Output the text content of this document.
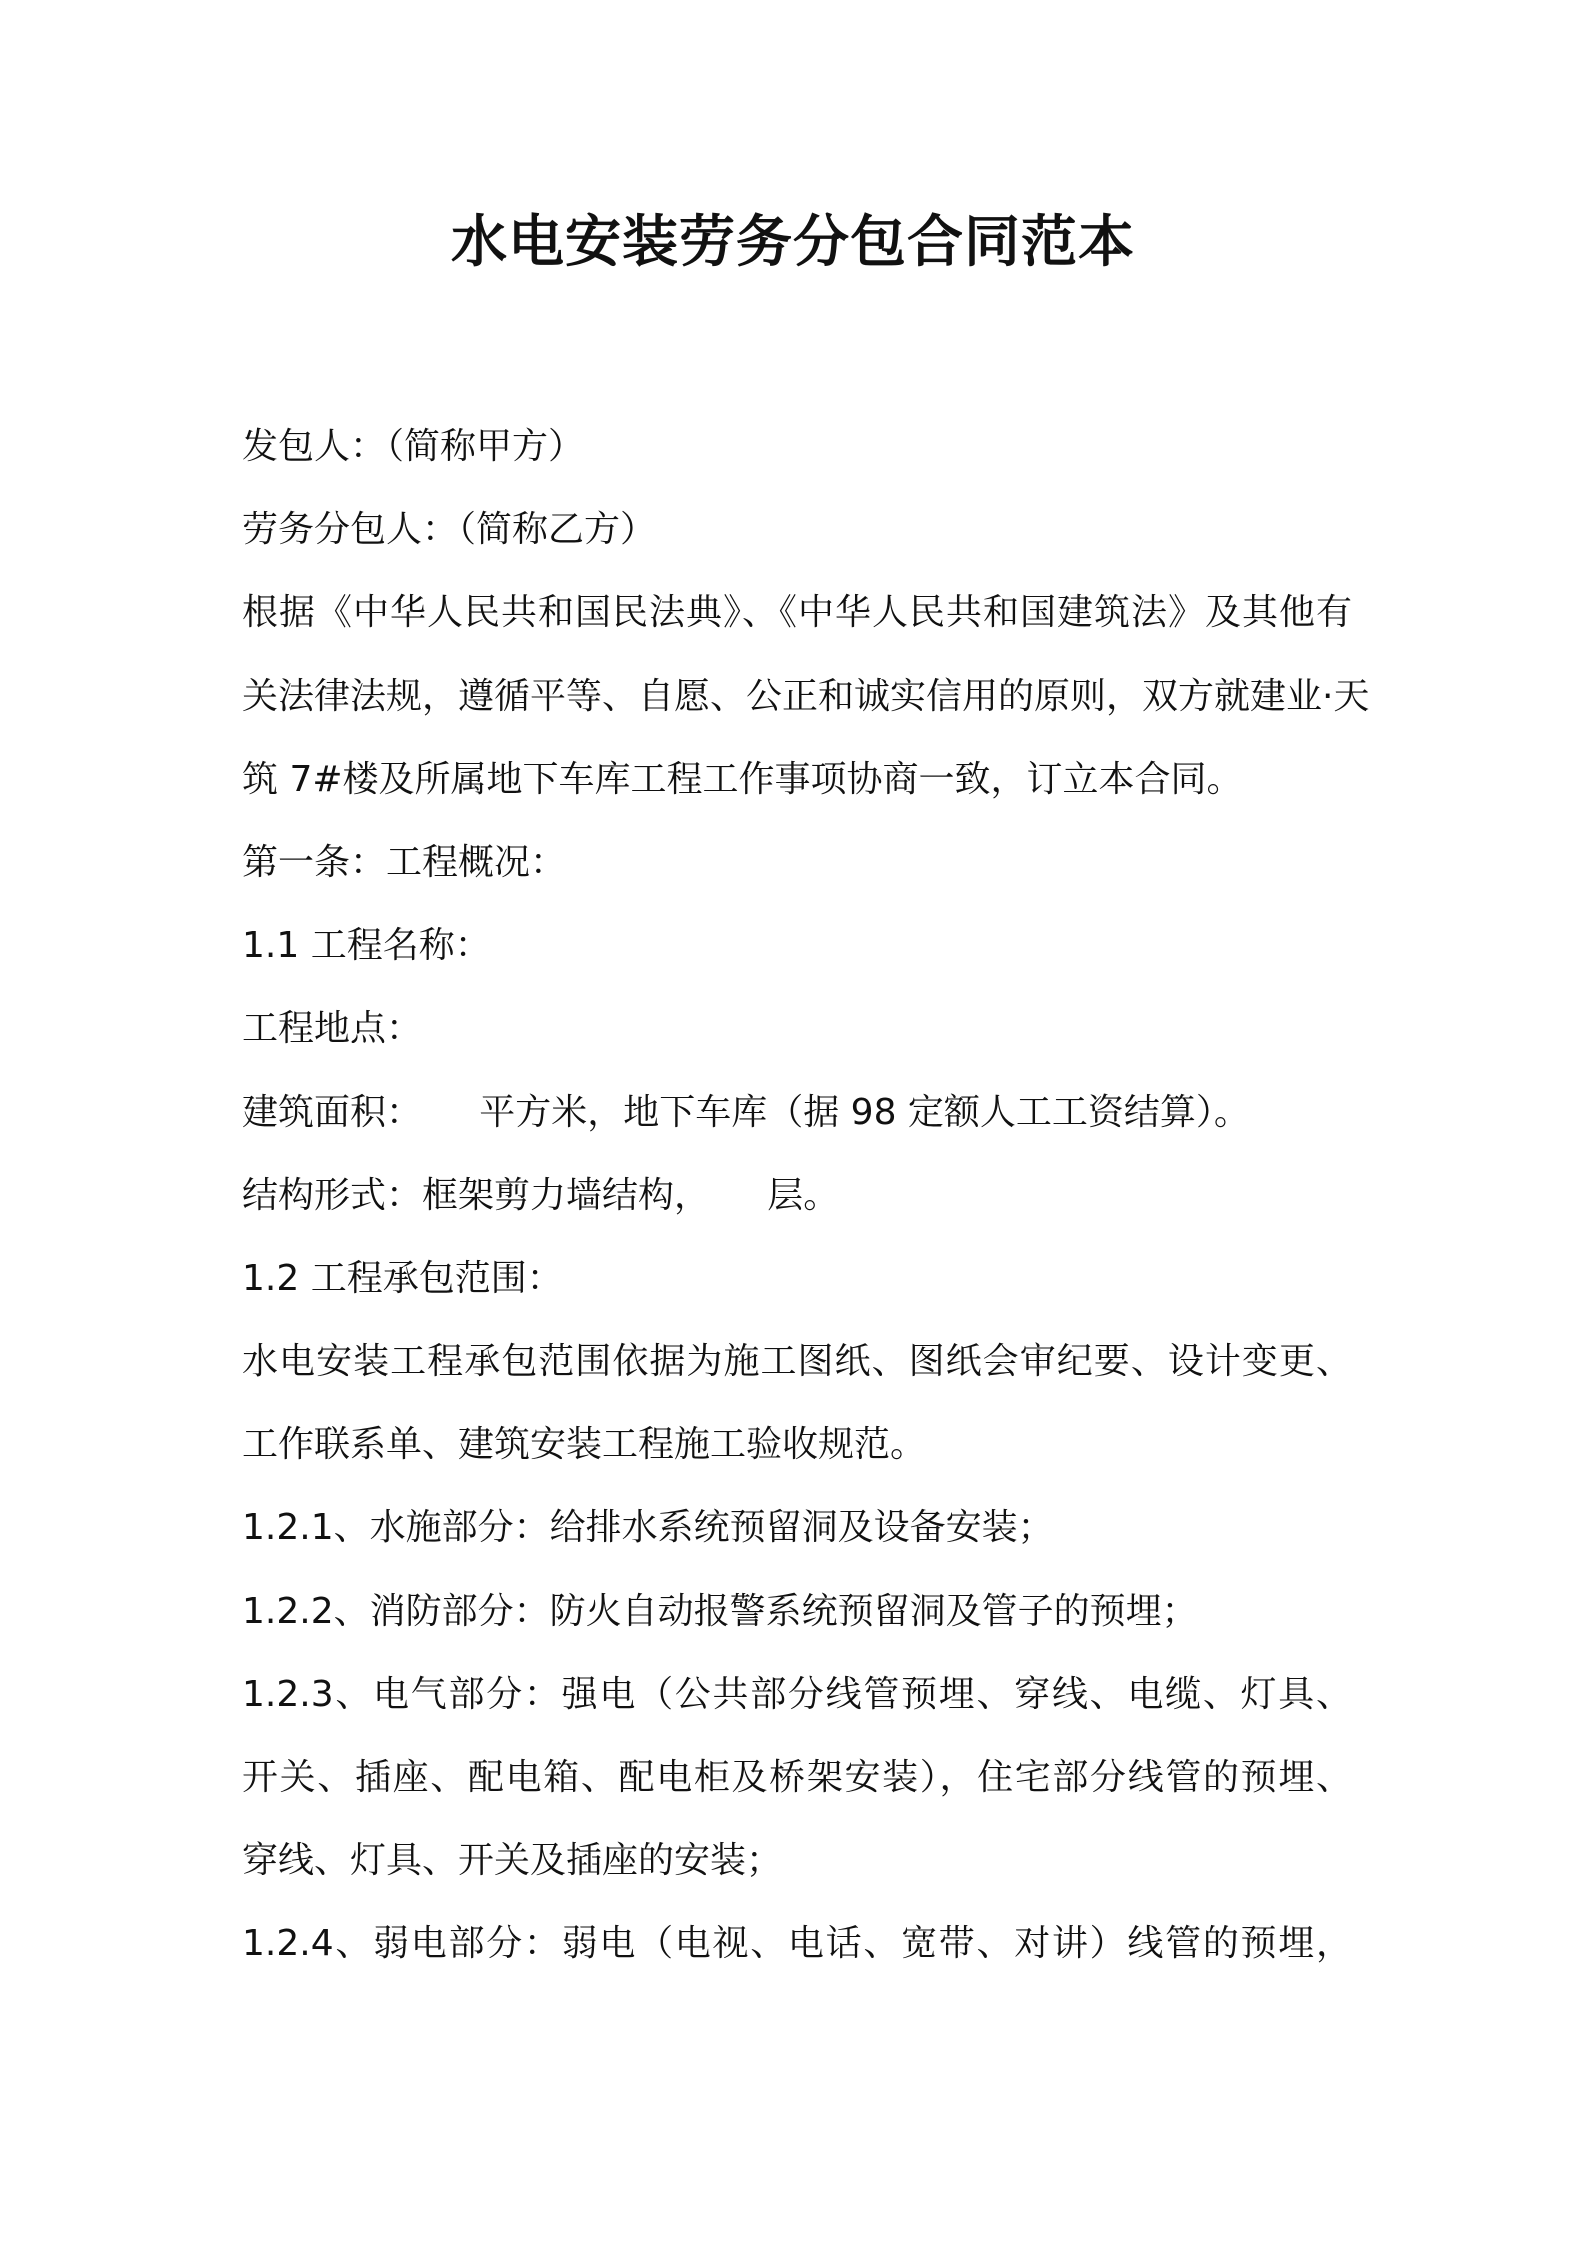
水电安装劳务分包合同范本
发包人：（简称甲方）
劳务分包人：（简称乙方）
根据《中华人民共和国民法典》、《中华人民共和国建筑法》及其他有
关法律法规，遵循平等、自愿、公正和诚实信用的原则，双方就建业·天
筑 7#楼及所属地下车库工程工作事项协商一致，订立本合同。
第一条：工程概况：
1.1 工程名称：
工程地点：
建筑面积：     平方米，地下车库（据 98 定额人工工资结算）。
结构形式：框架剪力墙结构，     层。
1.2 工程承包范围：
水电安装工程承包范围依据为施工图纸、图纸会审纪要、设计变更、
工作联系单、建筑安装工程施工验收规范。
1.2.1、水施部分：给排水系统预留洞及设备安装；
1.2.2、消防部分：防火自动报警系统预留洞及管子的预埋；
1.2.3、电气部分：强电（公共部分线管预埋、穿线、电缆、灯具、
开关、插座、配电箱、配电柜及桥架安装），住宅部分线管的预埋、
穿线、灯具、开关及插座的安装；
1.2.4、弱电部分：弱电（电视、电话、宽带、对讲）线管的预埋，
